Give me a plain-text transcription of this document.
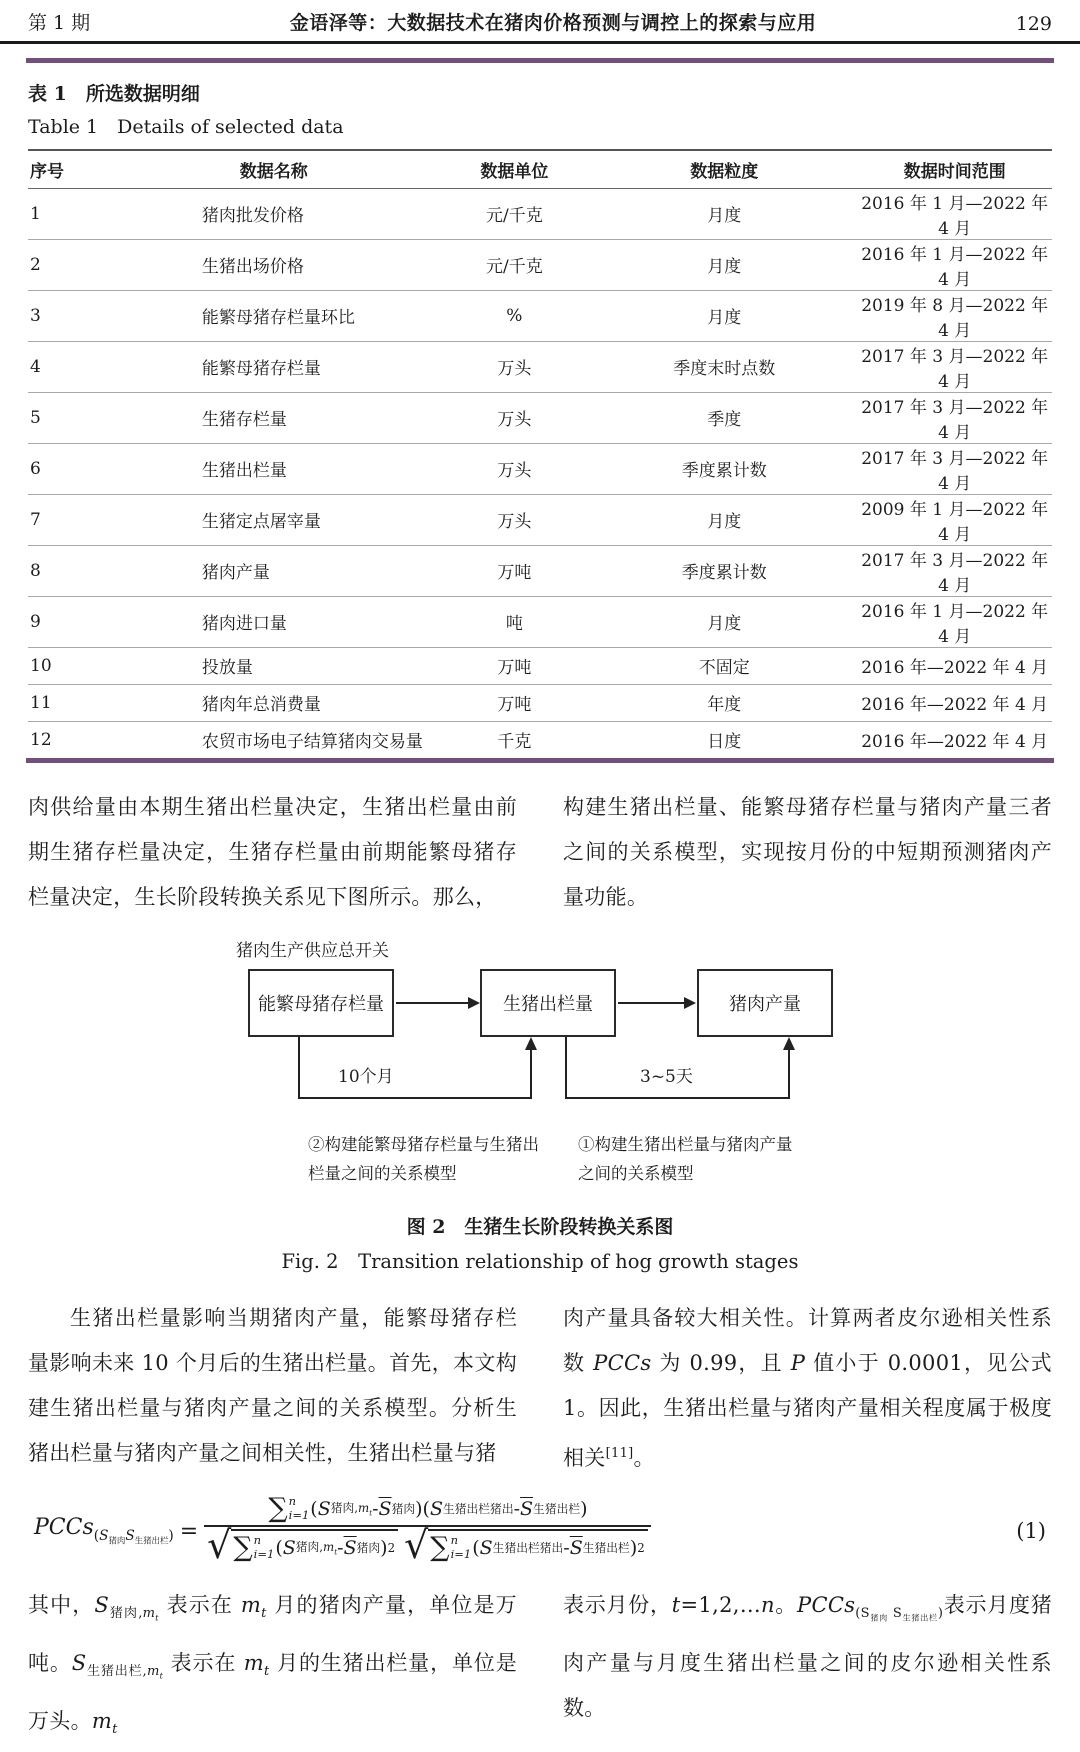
第 1 期	金语泽等：大数据技术在猪肉价格预测与调控上的探索与应用	129
表 1　所选数据明细
Table 1　Details of selected data
序号	数据名称	数据单位	数据粒度	数据时间范围
1	猪肉批发价格	元/千克	月度	2016 年 1 月—2022 年 4 月
2	生猪出场价格	元/千克	月度	2016 年 1 月—2022 年 4 月
3	能繁母猪存栏量环比	%	月度	2019 年 8 月—2022 年 4 月
4	能繁母猪存栏量	万头	季度末时点数	2017 年 3 月—2022 年 4 月
5	生猪存栏量	万头	季度	2017 年 3 月—2022 年 4 月
6	生猪出栏量	万头	季度累计数	2017 年 3 月—2022 年 4 月
7	生猪定点屠宰量	万头	月度	2009 年 1 月—2022 年 4 月
8	猪肉产量	万吨	季度累计数	2017 年 3 月—2022 年 4 月
9	猪肉进口量	吨	月度	2016 年 1 月—2022 年 4 月
10	投放量	万吨	不固定	2016 年—2022 年 4 月
11	猪肉年总消费量	万吨	年度	2016 年—2022 年 4 月
12	农贸市场电子结算猪肉交易量	千克	日度	2016 年—2022 年 4 月

肉供给量由本期生猪出栏量决定，生猪出栏量由前期生猪存栏量决定，生猪存栏量由前期能繁母猪存栏量决定，生长阶段转换关系见下图所示。那么，

构建生猪出栏量、能繁母猪存栏量与猪肉产量三者之间的关系模型，实现按月份的中短期预测猪肉产量功能。

猪肉生产供应总开关
能繁母猪存栏量	生猪出栏量	猪肉产量
10个月	3~5天
②构建能繁母猪存栏量与生猪出
栏量之间的关系模型
①构建生猪出栏量与猪肉产量
之间的关系模型
图 2　生猪生长阶段转换关系图
Fig. 2　Transition relationship of hog growth stages

生猪出栏量影响当期猪肉产量，能繁母猪存栏量影响未来 10 个月后的生猪出栏量。首先，本文构建生猪出栏量与猪肉产量之间的关系模型。分析生猪出栏量与猪肉产量之间相关性，生猪出栏量与猪

肉产量具备较大相关性。计算两者皮尔逊相关性系数 PCCs 为 0.99，且 P 值小于 0.0001，见公式 1。因此，生猪出栏量与猪肉产量相关程度属于极度相关[11]。

PCCs$_{(S_{猪肉}S_{生猪出栏})}$ = ∑ n
i=1 ( S 猪肉$,m_t - \overline{S}$ 猪肉 )( S 生猪出栏猪出 - $\overline{S}$ 生猪出栏 )
√ ∑ n
i=1 ( S 猪肉$,m_t - \overline{S}$ 猪肉 ) 2 √ ∑ n
i=1 ( S 生猪出栏猪出 - $\overline{S}$ 生猪出栏 ) 2	(1)

其中，$S_{猪肉,m_t}$ 表示在 $m_t$ 月的猪肉产量，单位是万吨。$S_{生猪出栏,m_t}$ 表示在 $m_t$ 月的生猪出栏量，单位是万头。$m_t$

表示月份，t=1,2,…n。PCCs$_{(S_{猪肉} S_{生猪出栏})}$表示月度猪肉产量与月度生猪出栏量之间的皮尔逊相关性系数。
